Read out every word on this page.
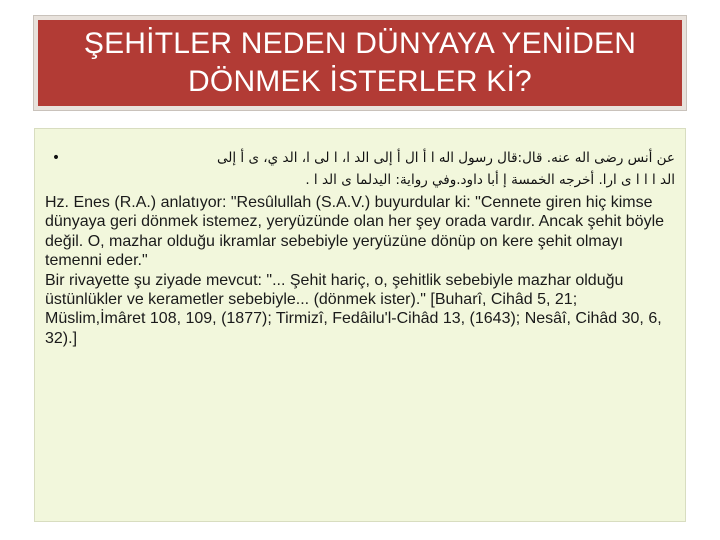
ŞEHİTLER NEDEN DÜNYAYA YENİDEN
DÖNMEK İSTERLER Kİ?
•	عن أنس رضى اله عنه. قال:قال رسول اله ا أ ال أ إلى الد ا، ا لى ا، الد ي، ى أ إلى
الد ا ا ا ى ارا. أخرجه الخمسة إ أبا داود.وفي رواية: اليدلما ى الد ا .
Hz. Enes (R.A.) anlatıyor: "Resûlullah (S.A.V.) buyurdular ki: "Cennete giren hiç kimse dünyaya geri dönmek istemez, yeryüzünde olan her şey orada vardır. Ancak şehit böyle değil. O, mazhar olduğu ikramlar sebebiyle yeryüzüne dönüp on kere şehit olmayı temenni eder."
Bir rivayette şu ziyade mevcut: "... Şehit hariç, o, şehitlik sebebiyle mazhar olduğu üstünlükler ve kerametler sebebiyle... (dönmek ister)." [Buharî, Cihâd 5, 21; Müslim,İmâret 108, 109, (1877); Tirmizî, Fedâilu'l-Cihâd 13, (1643); Nesâî, Cihâd 30, 6, 32).]
